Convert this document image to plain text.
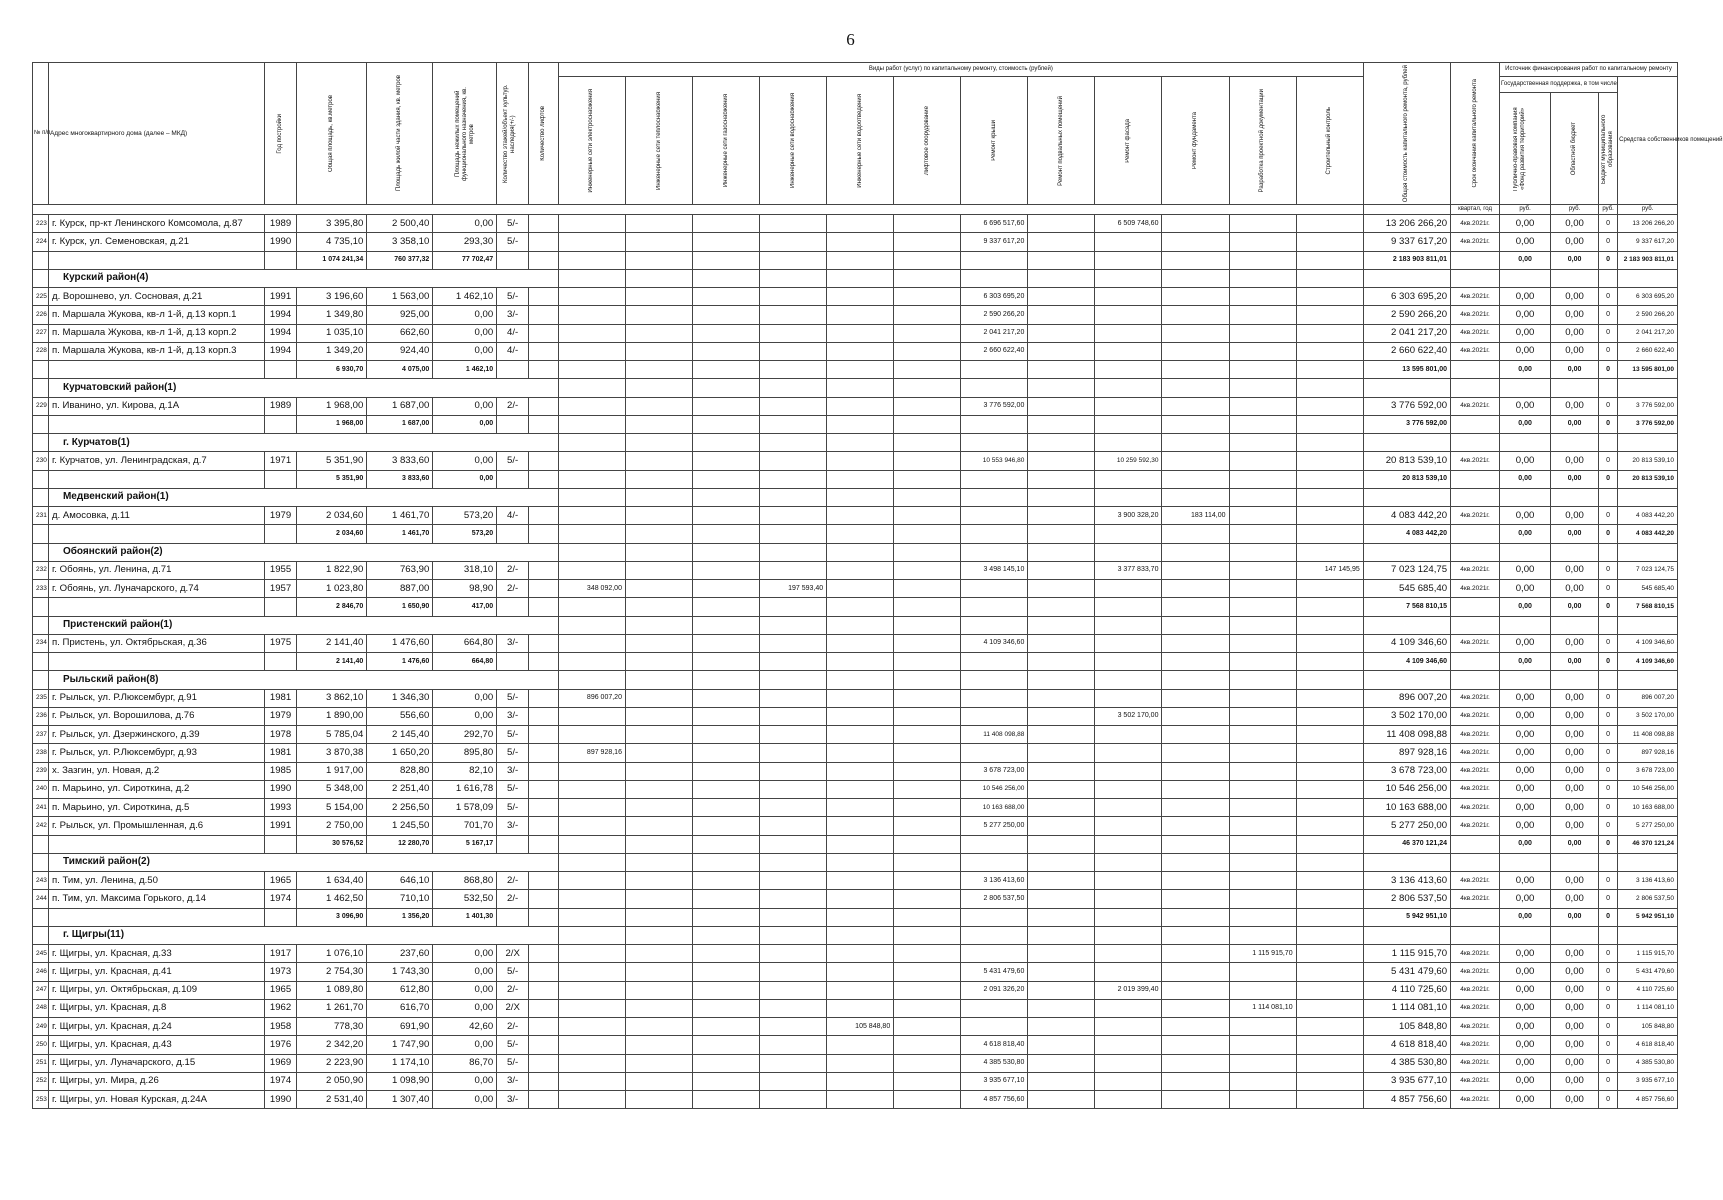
6
№ п/п	Адрес многоквартирного дома (далее – МКД)	Год постройки	Общая площадь, кв.метров	Площадь жилой части здания, кв. метров	Площадь нежилых помещений функционального назначения, кв. метров	Количество этажей/объект культур. наследия(+/-)	Количество лифтов	Виды работ (услуг) по капитальному ремонту, стоимость (рублей)												Общая стоимость капитального ремонта, рублей	Срок окончания капитального ремонта	Источник финансирования работ по капитальному ремонту			

								Инженерные сети электроснабжения	Инженерные сети теплоснабжения	Инженерные сети газоснабжения	Инженерные сети водоснабжения	Инженерные сети водоотведения	Лифтовое оборудование	Ремонт крыши	Ремонт подвальных помещений	Ремонт фасада	Ремонт фундамента	Разработка проектной документации	Строительный контроль			Государственная поддержка, в том числе			Средства собственников помещений

																						Публично-правовая компания «Фонд развития территорий»	Областной бюджет	Бюджет муниципального образования	

																					квартал, год	руб.	руб.	руб.	руб.
223	г. Курск, пр-кт Ленинского Комсомола, д.87	1989	3 395,80	2 500,40	0,00	5/-								6 696 517,60		6 509 748,60				13 206 266,20	4кв.2021г.	0,00	0,00	0	13 206 266,20
224	г. Курск, ул. Семеновская, д.21	1990	4 735,10	3 358,10	293,30	5/-								9 337 617,20						9 337 617,20	4кв.2021г.	0,00	0,00	0	9 337 617,20
			1 074 241,34	760 377,32	77 702,47															2 183 903 811,01		0,00	0,00	0	2 183 903 811,01
	Курский район(4)																								
225	д. Ворошнево, ул. Сосновая, д.21	1991	3 196,60	1 563,00	1 462,10	5/-								6 303 695,20						6 303 695,20	4кв.2021г.	0,00	0,00	0	6 303 695,20
226	п. Маршала Жукова, кв-л 1-й, д.13 корп.1	1994	1 349,80	925,00	0,00	3/-								2 590 266,20						2 590 266,20	4кв.2021г.	0,00	0,00	0	2 590 266,20
227	п. Маршала Жукова, кв-л 1-й, д.13 корп.2	1994	1 035,10	662,60	0,00	4/-								2 041 217,20						2 041 217,20	4кв.2021г.	0,00	0,00	0	2 041 217,20
228	п. Маршала Жукова, кв-л 1-й, д.13 корп.3	1994	1 349,20	924,40	0,00	4/-								2 660 622,40						2 660 622,40	4кв.2021г.	0,00	0,00	0	2 660 622,40
			6 930,70	4 075,00	1 462,10															13 595 801,00		0,00	0,00	0	13 595 801,00
	Курчатовский район(1)																								
229	п. Иванино, ул. Кирова, д.1А	1989	1 968,00	1 687,00	0,00	2/-								3 776 592,00						3 776 592,00	4кв.2021г.	0,00	0,00	0	3 776 592,00
			1 968,00	1 687,00	0,00															3 776 592,00		0,00	0,00	0	3 776 592,00
	г. Курчатов(1)																								
230	г. Курчатов, ул. Ленинградская, д.7	1971	5 351,90	3 833,60	0,00	5/-								10 553 946,80		10 259 592,30				20 813 539,10	4кв.2021г.	0,00	0,00	0	20 813 539,10
			5 351,90	3 833,60	0,00															20 813 539,10		0,00	0,00	0	20 813 539,10
	Медвенский район(1)																								
231	д. Амосовка, д.11	1979	2 034,60	1 461,70	573,20	4/-										3 900 328,20	183 114,00			4 083 442,20	4кв.2021г.	0,00	0,00	0	4 083 442,20
			2 034,60	1 461,70	573,20															4 083 442,20		0,00	0,00	0	4 083 442,20
	Обоянский район(2)																								
232	г. Обоянь, ул. Ленина, д.71	1955	1 822,90	763,90	318,10	2/-								3 498 145,10		3 377 833,70			147 145,95	7 023 124,75	4кв.2021г.	0,00	0,00	0	7 023 124,75
233	г. Обоянь, ул. Луначарского, д.74	1957	1 023,80	887,00	98,90	2/-		348 092,00			197 593,40									545 685,40	4кв.2021г.	0,00	0,00	0	545 685,40
			2 846,70	1 650,90	417,00															7 568 810,15		0,00	0,00	0	7 568 810,15
	Пристенский район(1)																								
234	п. Пристень, ул. Октябрьская, д.36	1975	2 141,40	1 476,60	664,80	3/-								4 109 346,60						4 109 346,60	4кв.2021г.	0,00	0,00	0	4 109 346,60
			2 141,40	1 476,60	664,80															4 109 346,60		0,00	0,00	0	4 109 346,60
	Рыльский район(8)																								
235	г. Рыльск, ул. Р.Люксембург, д.91	1981	3 862,10	1 346,30	0,00	5/-		896 007,20												896 007,20	4кв.2021г.	0,00	0,00	0	896 007,20
236	г. Рыльск, ул. Ворошилова, д.76	1979	1 890,00	556,60	0,00	3/-										3 502 170,00				3 502 170,00	4кв.2021г.	0,00	0,00	0	3 502 170,00
237	г. Рыльск, ул. Дзержинского, д.39	1978	5 785,04	2 145,40	292,70	5/-								11 408 098,88						11 408 098,88	4кв.2021г.	0,00	0,00	0	11 408 098,88
238	г. Рыльск, ул. Р.Люксембург, д.93	1981	3 870,38	1 650,20	895,80	5/-		897 928,16												897 928,16	4кв.2021г.	0,00	0,00	0	897 928,16
239	х. Зазгин, ул. Новая, д.2	1985	1 917,00	828,80	82,10	3/-								3 678 723,00						3 678 723,00	4кв.2021г.	0,00	0,00	0	3 678 723,00
240	п. Марьино, ул. Сироткина, д.2	1990	5 348,00	2 251,40	1 616,78	5/-								10 546 256,00						10 546 256,00	4кв.2021г.	0,00	0,00	0	10 546 256,00
241	п. Марьино, ул. Сироткина, д.5	1993	5 154,00	2 256,50	1 578,09	5/-								10 163 688,00						10 163 688,00	4кв.2021г.	0,00	0,00	0	10 163 688,00
242	г. Рыльск, ул. Промышленная, д.6	1991	2 750,00	1 245,50	701,70	3/-								5 277 250,00						5 277 250,00	4кв.2021г.	0,00	0,00	0	5 277 250,00
			30 576,52	12 280,70	5 167,17															46 370 121,24		0,00	0,00	0	46 370 121,24
	Тимский район(2)																								
243	п. Тим, ул. Ленина, д.50	1965	1 634,40	646,10	868,80	2/-								3 136 413,60						3 136 413,60	4кв.2021г.	0,00	0,00	0	3 136 413,60
244	п. Тим, ул. Максима Горького, д.14	1974	1 462,50	710,10	532,50	2/-								2 806 537,50						2 806 537,50	4кв.2021г.	0,00	0,00	0	2 806 537,50
			3 096,90	1 356,20	1 401,30															5 942 951,10		0,00	0,00	0	5 942 951,10
	г. Щигры(11)																								
245	г. Щигры, ул. Красная, д.33	1917	1 076,10	237,60	0,00	2/X												1 115 915,70		1 115 915,70	4кв.2021г.	0,00	0,00	0	1 115 915,70
246	г. Щигры, ул. Красная, д.41	1973	2 754,30	1 743,30	0,00	5/-								5 431 479,60						5 431 479,60	4кв.2021г.	0,00	0,00	0	5 431 479,60
247	г. Щигры, ул. Октябрьская, д.109	1965	1 089,80	612,80	0,00	2/-								2 091 326,20		2 019 399,40				4 110 725,60	4кв.2021г.	0,00	0,00	0	4 110 725,60
248	г. Щигры, ул. Красная, д.8	1962	1 261,70	616,70	0,00	2/X												1 114 081,10		1 114 081,10	4кв.2021г.	0,00	0,00	0	1 114 081,10
249	г. Щигры, ул. Красная, д.24	1958	778,30	691,90	42,60	2/-						105 848,80								105 848,80	4кв.2021г.	0,00	0,00	0	105 848,80
250	г. Щигры, ул. Красная, д.43	1976	2 342,20	1 747,90	0,00	5/-								4 618 818,40						4 618 818,40	4кв.2021г.	0,00	0,00	0	4 618 818,40
251	г. Щигры, ул. Луначарского, д.15	1969	2 223,90	1 174,10	86,70	5/-								4 385 530,80						4 385 530,80	4кв.2021г.	0,00	0,00	0	4 385 530,80
252	г. Щигры, ул. Мира, д.26	1974	2 050,90	1 098,90	0,00	3/-								3 935 677,10						3 935 677,10	4кв.2021г.	0,00	0,00	0	3 935 677,10
253	г. Щигры, ул. Новая Курская, д.24А	1990	2 531,40	1 307,40	0,00	3/-								4 857 756,60						4 857 756,60	4кв.2021г.	0,00	0,00	0	4 857 756,60
